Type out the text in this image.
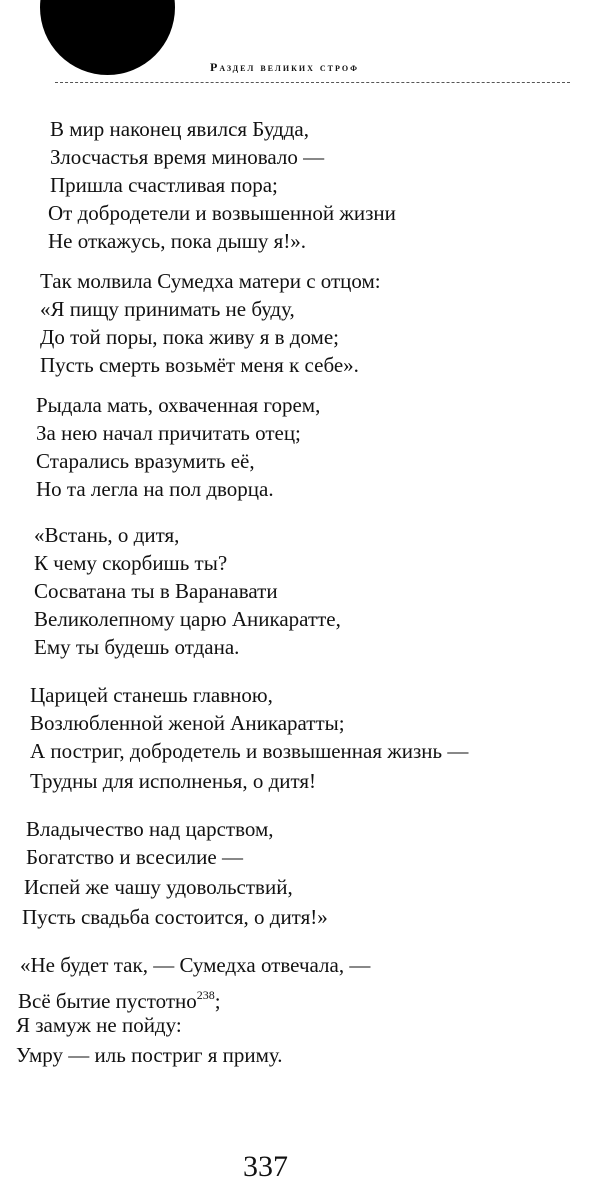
Раздел великих строф
В мир наконец явился Будда,
Злосчастья время миновало —
Пришла счастливая пора;
От добродетели и возвышенной жизни
Не откажусь, пока дышу я!».
Так молвила Сумедха матери с отцом:
«Я пищу принимать не буду,
До той поры, пока живу я в доме;
Пусть смерть возьмёт меня к себе».
Рыдала мать, охваченная горем,
За нею начал причитать отец;
Старались вразумить её,
Но та легла на пол дворца.
«Встань, о дитя,
К чему скорбишь ты?
Сосватана ты в Варанавати
Великолепному царю Аникаратте,
Ему ты будешь отдана.
Царицей станешь главною,
Возлюбленной женой Аникаратты;
А постриг, добродетель и возвышенная жизнь —
Трудны для исполненья, о дитя!
Владычество над царством,
Богатство и всесилие —
Испей же чашу удовольствий,
Пусть свадьба состоится, о дитя!»
«Не будет так, — Сумедха отвечала, —
Всё бытие пустотно$^{238}$;
Я замуж не пойду:
Умру — иль постриг я приму.
337
